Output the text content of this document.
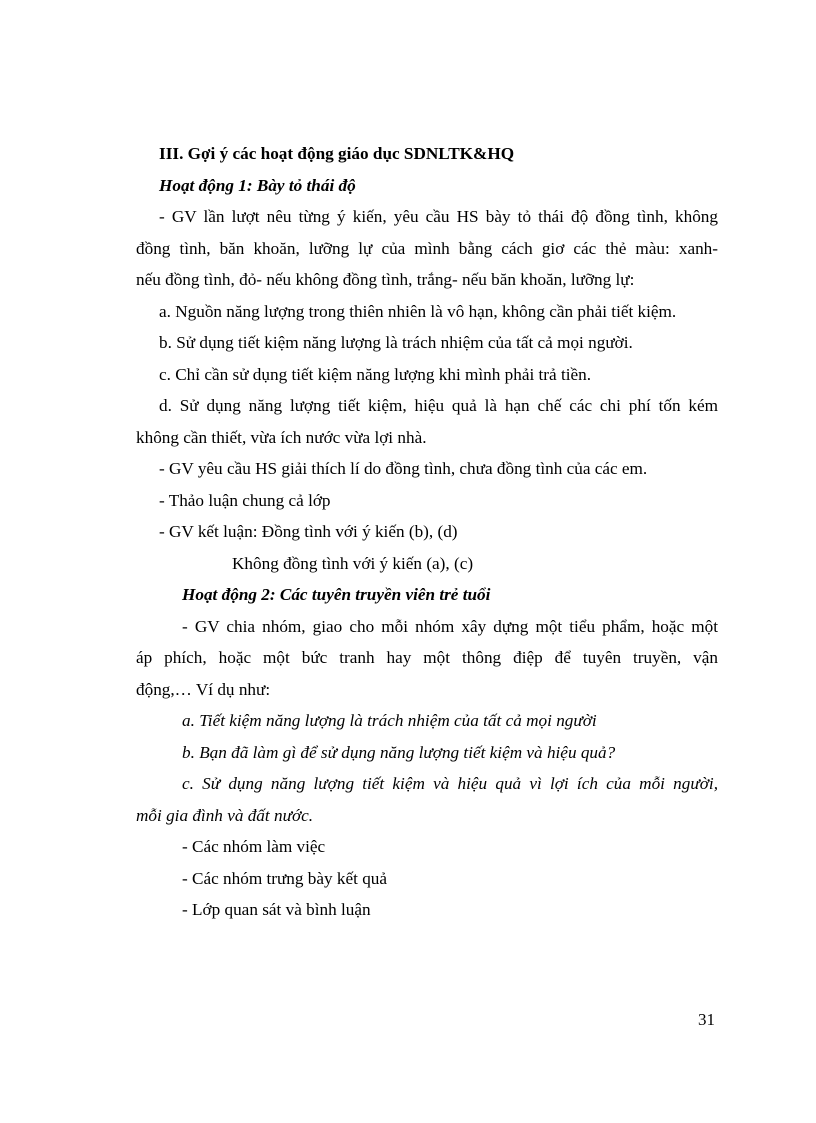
III. Gợi ý các hoạt động giáo dục SDNLTK&HQ
Hoạt động 1: Bày tỏ thái độ
- GV lần lượt nêu từng ý kiến, yêu cầu HS bày tỏ thái độ đồng tình, không
đồng tình, băn khoăn, lưỡng lự của mình bằng cách giơ các thẻ màu: xanh-
nếu đồng tình, đỏ- nếu không đồng tình, trắng- nếu băn khoăn, lưỡng lự:
a. Nguồn năng lượng trong thiên nhiên là vô hạn, không cần phải tiết kiệm.
b. Sử dụng tiết kiệm năng lượng là trách nhiệm của tất cả mọi người.
c. Chỉ cần sử dụng tiết kiệm năng lượng khi mình phải trả tiền.
d. Sử dụng năng lượng tiết kiệm, hiệu quả là hạn chế các chi phí tốn kém
không cần thiết, vừa ích nước vừa lợi nhà.
- GV yêu cầu HS giải thích lí do đồng tình, chưa đồng tình của các em.
- Thảo luận chung cả lớp
- GV kết luận: Đồng tình với ý kiến (b), (d)
Không đồng tình với ý kiến (a), (c)
Hoạt động 2: Các tuyên truyền viên trẻ tuổi
- GV chia nhóm, giao cho mỗi nhóm xây dựng một tiểu phẩm, hoặc một
áp phích, hoặc một bức tranh hay một thông điệp để tuyên truyền, vận
động,… Ví dụ như:
a. Tiết kiệm năng lượng là trách nhiệm của tất cả mọi người
b. Bạn đã làm gì để sử dụng năng lượng tiết kiệm và hiệu quả?
c. Sử dụng năng lượng tiết kiệm và hiệu quả vì lợi ích của mỗi người,
mỗi gia đình và đất nước.
- Các nhóm làm việc
- Các nhóm trưng bày kết quả
- Lớp quan sát và bình luận
31
